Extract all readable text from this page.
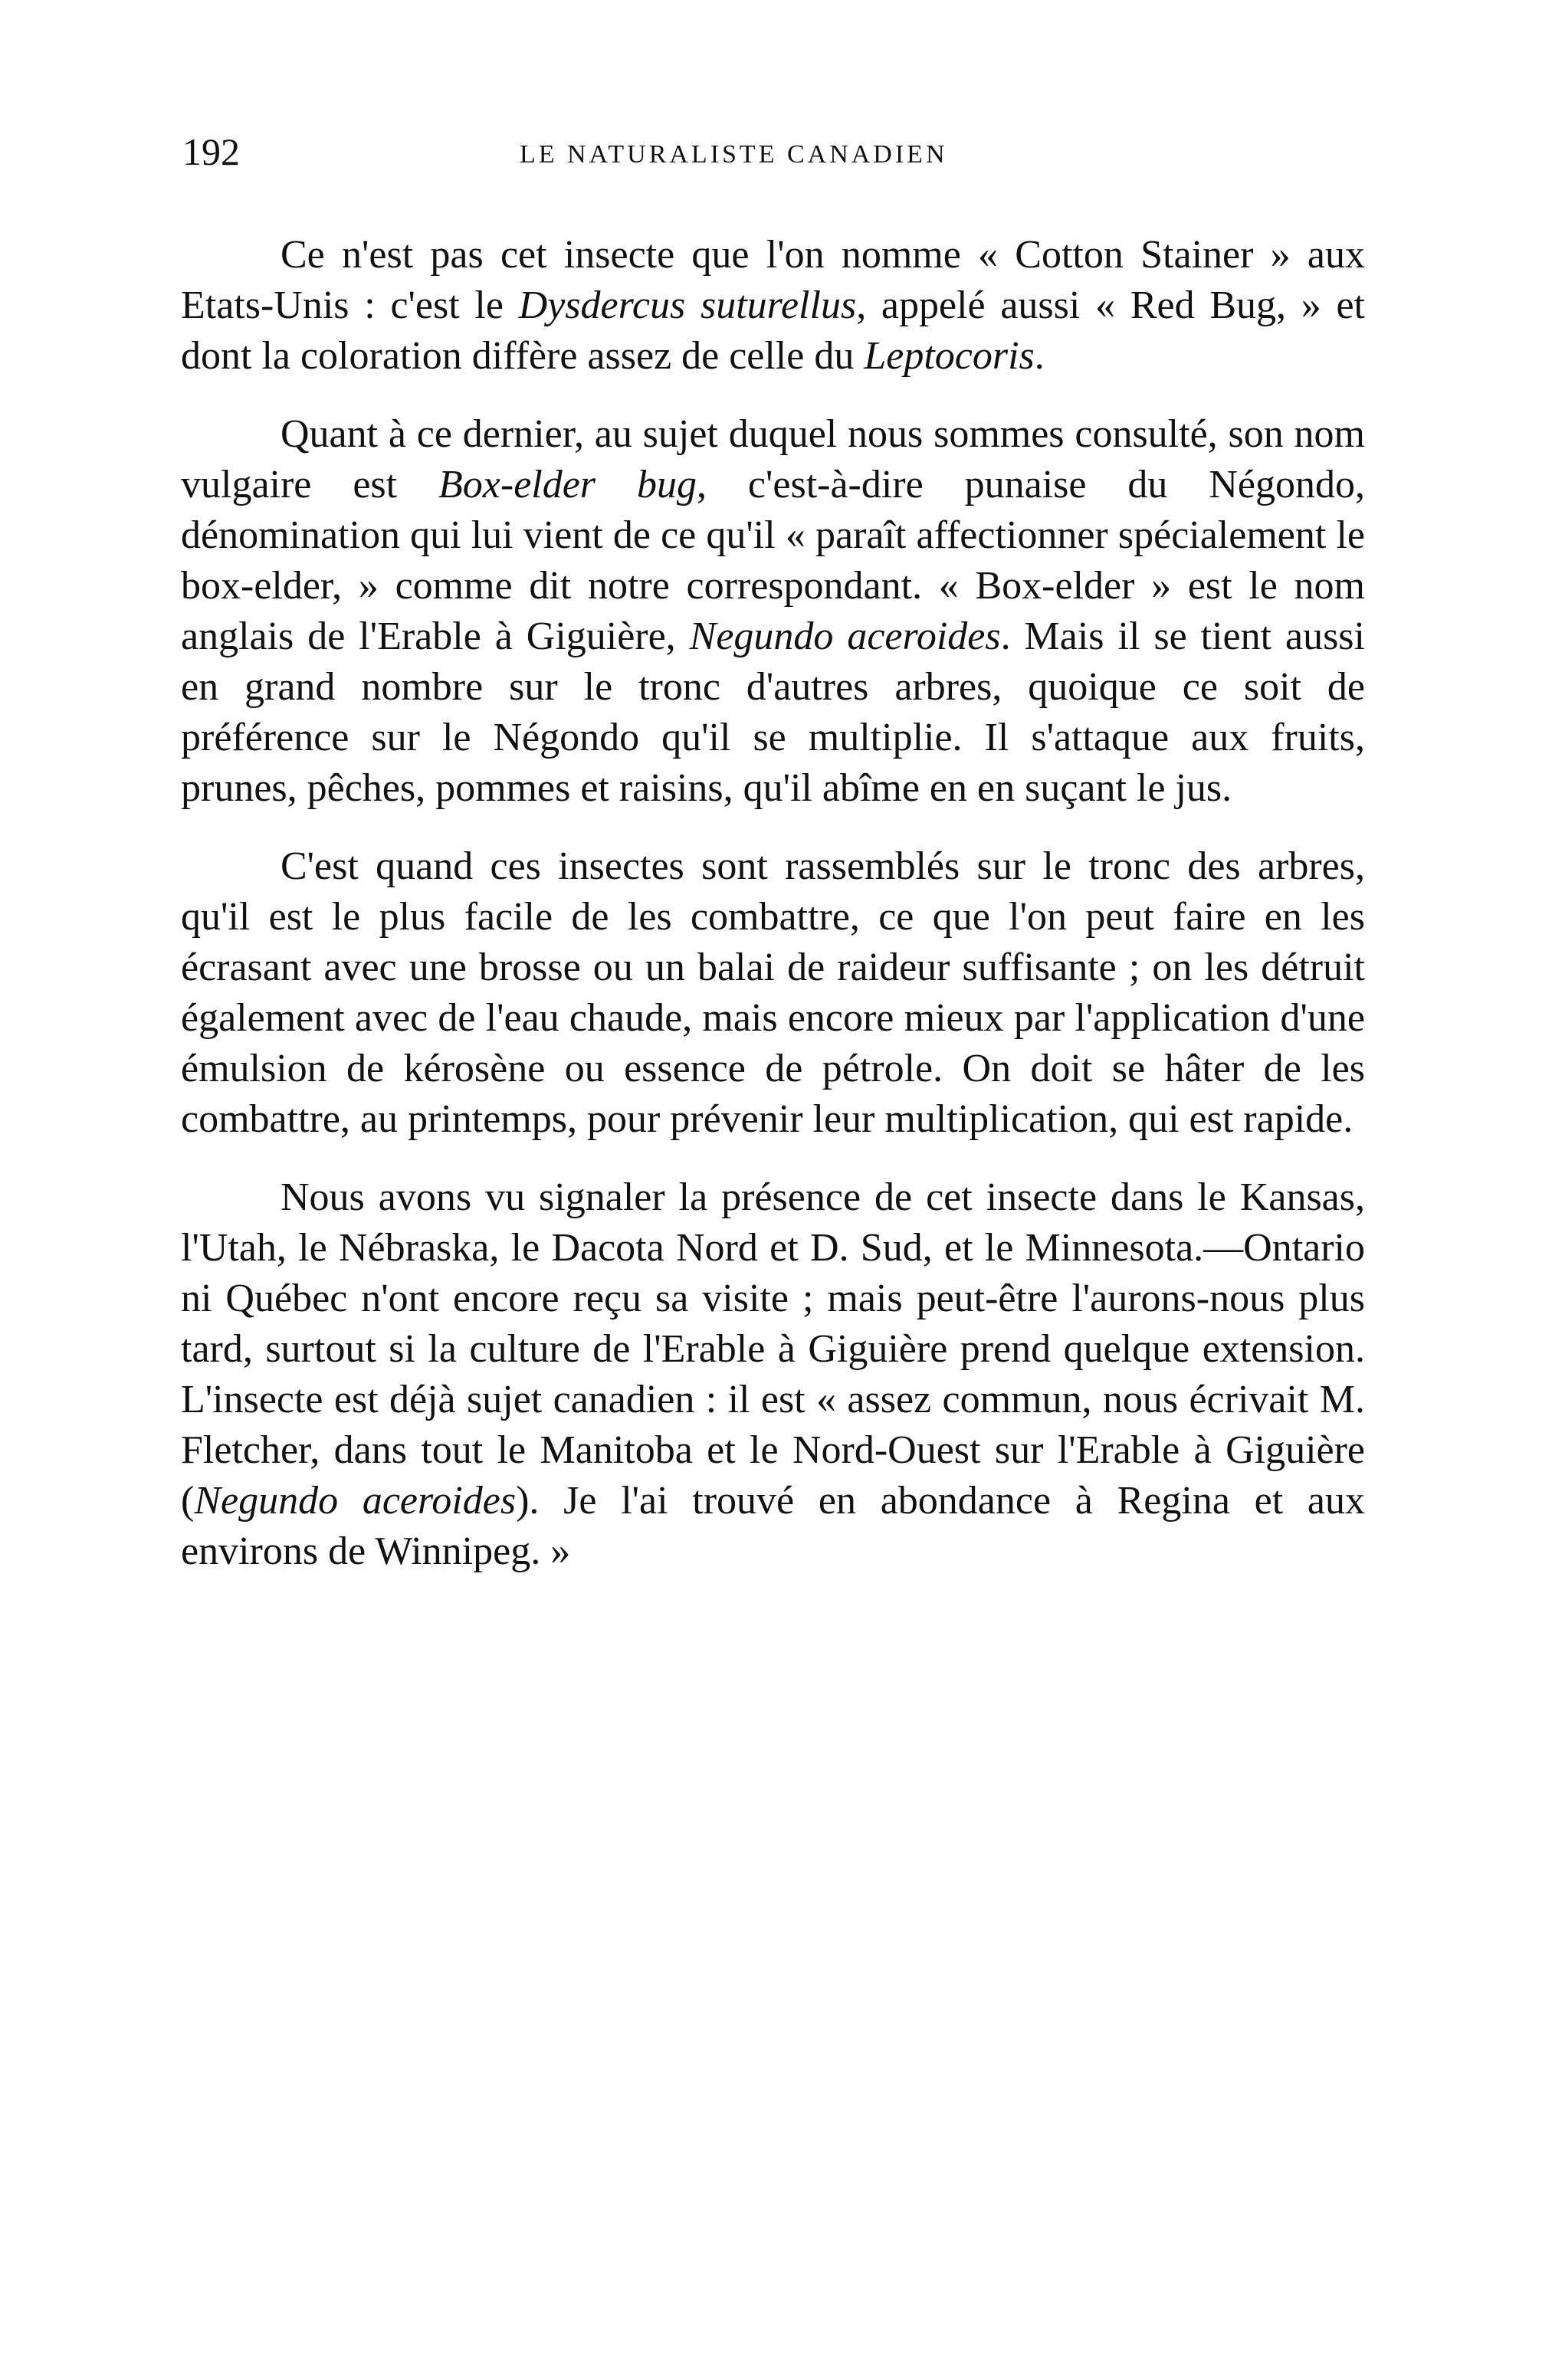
192	LE NATURALISTE CANADIEN

Ce n'est pas cet insecte que l'on nomme « Cotton Stainer » aux Etats-Unis : c'est le Dysdercus suturellus, appelé aussi « Red Bug, » et dont la coloration diffère assez de celle du Leptocoris.

Quant à ce dernier, au sujet duquel nous sommes consulté, son nom vulgaire est Box-elder bug, c'est-à-dire punaise du Négondo, dénomination qui lui vient de ce qu'il « paraît affectionner spécialement le box-elder, » comme dit notre correspondant. « Box-elder » est le nom anglais de l'Erable à Giguière, Negundo aceroides. Mais il se tient aussi en grand nombre sur le tronc d'autres arbres, quoique ce soit de préférence sur le Négondo qu'il se multiplie. Il s'attaque aux fruits, prunes, pêches, pommes et raisins, qu'il abîme en en suçant le jus.

C'est quand ces insectes sont rassemblés sur le tronc des arbres, qu'il est le plus facile de les combattre, ce que l'on peut faire en les écrasant avec une brosse ou un balai de raideur suffisante ; on les détruit également avec de l'eau chaude, mais encore mieux par l'application d'une émulsion de kérosène ou essence de pétrole. On doit se hâter de les combattre, au printemps, pour prévenir leur multiplication, qui est rapide.

Nous avons vu signaler la présence de cet insecte dans le Kansas, l'Utah, le Nébraska, le Dacota Nord et D. Sud, et le Minnesota.—Ontario ni Québec n'ont encore reçu sa visite ; mais peut-être l'aurons-nous plus tard, surtout si la culture de l'Erable à Giguière prend quelque extension. L'insecte est déjà sujet canadien : il est « assez commun, nous écrivait M. Fletcher, dans tout le Manitoba et le Nord-Ouest sur l'Erable à Giguière (Negundo aceroides). Je l'ai trouvé en abondance à Regina et aux environs de Winnipeg. »
